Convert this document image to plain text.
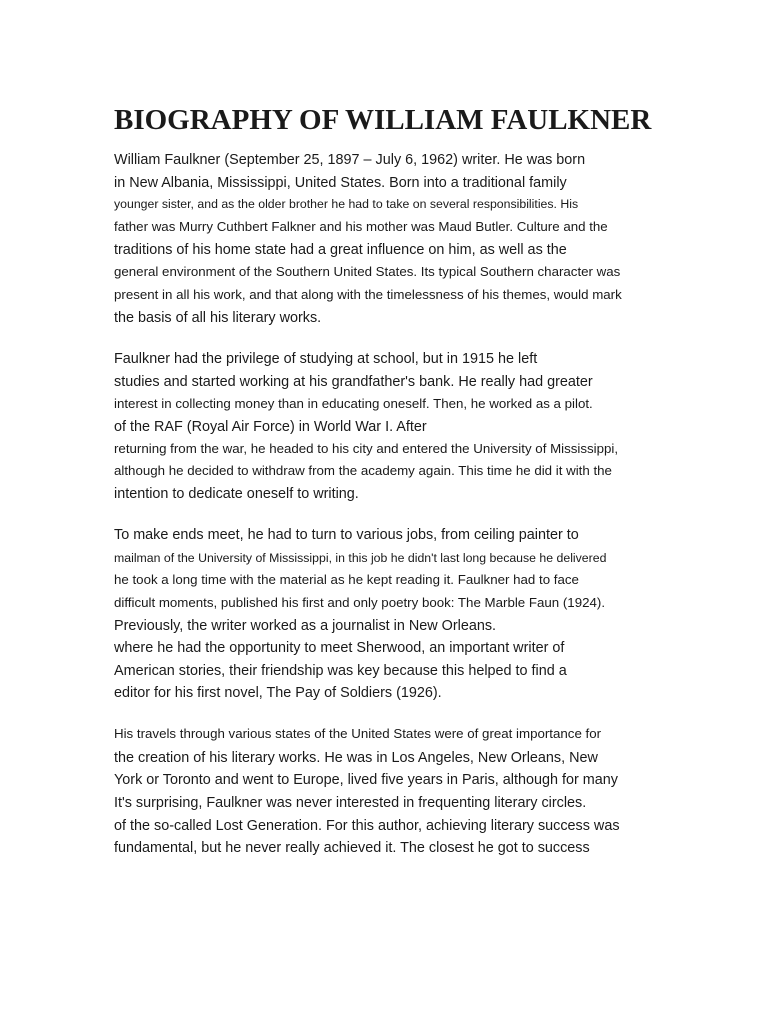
BIOGRAPHY OF WILLIAM FAULKNER

William Faulkner (September 25, 1897 – July 6, 1962) writer. He was born

in New Albania, Mississippi, United States. Born into a traditional family

younger sister, and as the older brother he had to take on several responsibilities. His

father was Murry Cuthbert Falkner and his mother was Maud Butler. Culture and the

traditions of his home state had a great influence on him, as well as the

general environment of the Southern United States. Its typical Southern character was

present in all his work, and that along with the timelessness of his themes, would mark

the basis of all his literary works.

Faulkner had the privilege of studying at school, but in 1915 he left

studies and started working at his grandfather's bank. He really had greater

interest in collecting money than in educating oneself. Then, he worked as a pilot.

of the RAF (Royal Air Force) in World War I. After

returning from the war, he headed to his city and entered the University of Mississippi,

although he decided to withdraw from the academy again. This time he did it with the

intention to dedicate oneself to writing.

To make ends meet, he had to turn to various jobs, from ceiling painter to

mailman of the University of Mississippi, in this job he didn't last long because he delivered

he took a long time with the material as he kept reading it. Faulkner had to face

difficult moments, published his first and only poetry book: The Marble Faun (1924).

Previously, the writer worked as a journalist in New Orleans.

where he had the opportunity to meet Sherwood, an important writer of

American stories, their friendship was key because this helped to find a

editor for his first novel, The Pay of Soldiers (1926).

His travels through various states of the United States were of great importance for

the creation of his literary works. He was in Los Angeles, New Orleans, New

York or Toronto and went to Europe, lived five years in Paris, although for many

It's surprising, Faulkner was never interested in frequenting literary circles.

of the so-called Lost Generation. For this author, achieving literary success was

fundamental, but he never really achieved it. The closest he got to success
